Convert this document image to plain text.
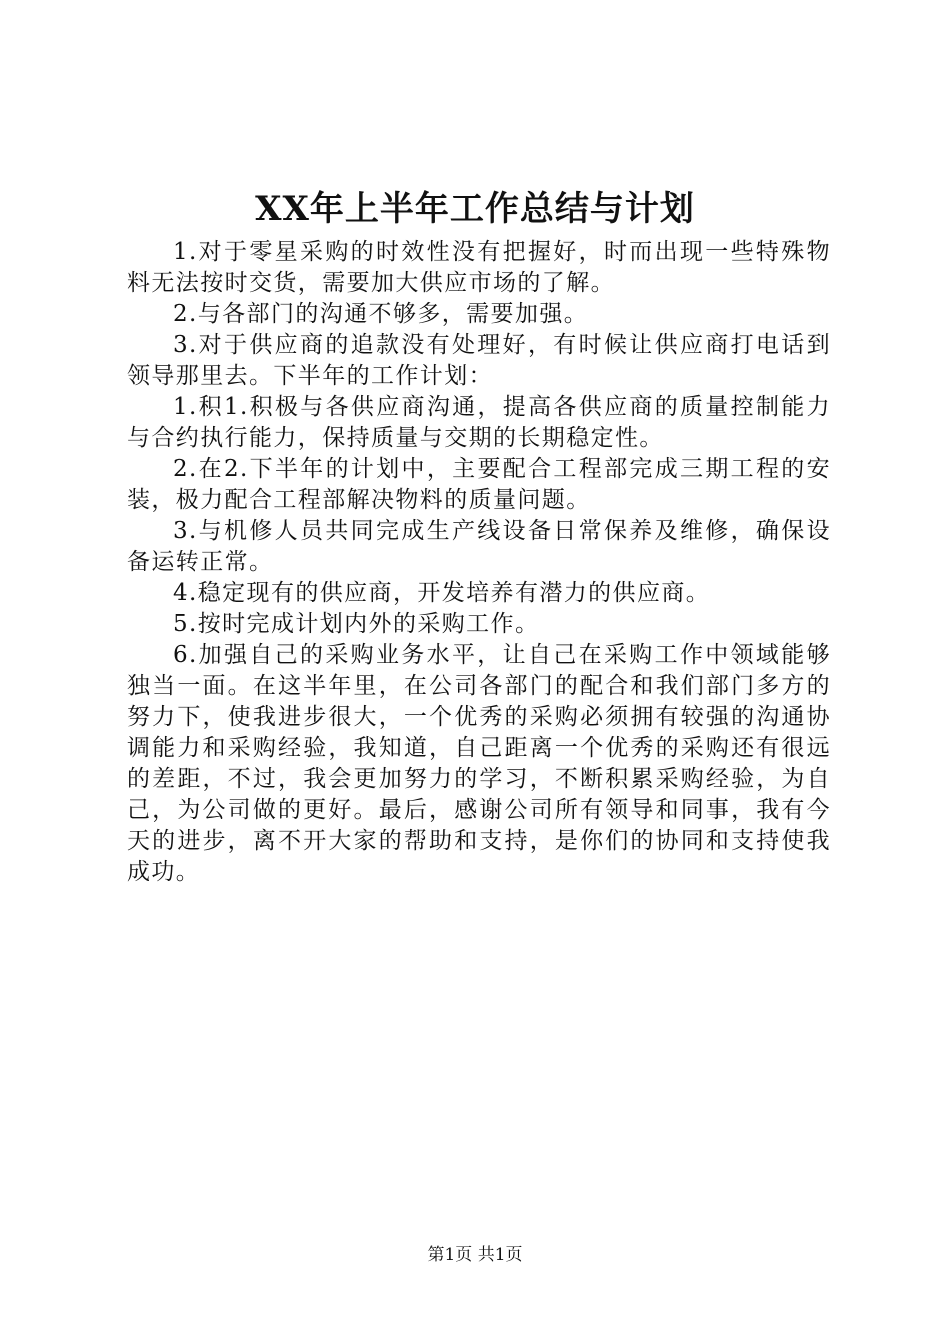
XX年上半年工作总结与计划

1.对于零星采购的时效性没有把握好，时而出现一些特殊物料无法按时交货，需要加大供应市场的了解。

2.与各部门的沟通不够多，需要加强。

3.对于供应商的追款没有处理好，有时候让供应商打电话到领导那里去。下半年的工作计划：

1.积1.积极与各供应商沟通，提高各供应商的质量控制能力与合约执行能力，保持质量与交期的长期稳定性。

2.在2.下半年的计划中，主要配合工程部完成三期工程的安装，极力配合工程部解决物料的质量问题。

3.与机修人员共同完成生产线设备日常保养及维修，确保设备运转正常。

4.稳定现有的供应商，开发培养有潜力的供应商。

5.按时完成计划内外的采购工作。

6.加强自己的采购业务水平，让自己在采购工作中领域能够独当一面。在这半年里，在公司各部门的配合和我们部门多方的努力下，使我进步很大，一个优秀的采购必须拥有较强的沟通协调能力和采购经验，我知道，自己距离一个优秀的采购还有很远的差距，不过，我会更加努力的学习，不断积累采购经验，为自己，为公司做的更好。最后，感谢公司所有领导和同事，我有今天的进步，离不开大家的帮助和支持，是你们的协同和支持使我成功。

第1页 共1页
